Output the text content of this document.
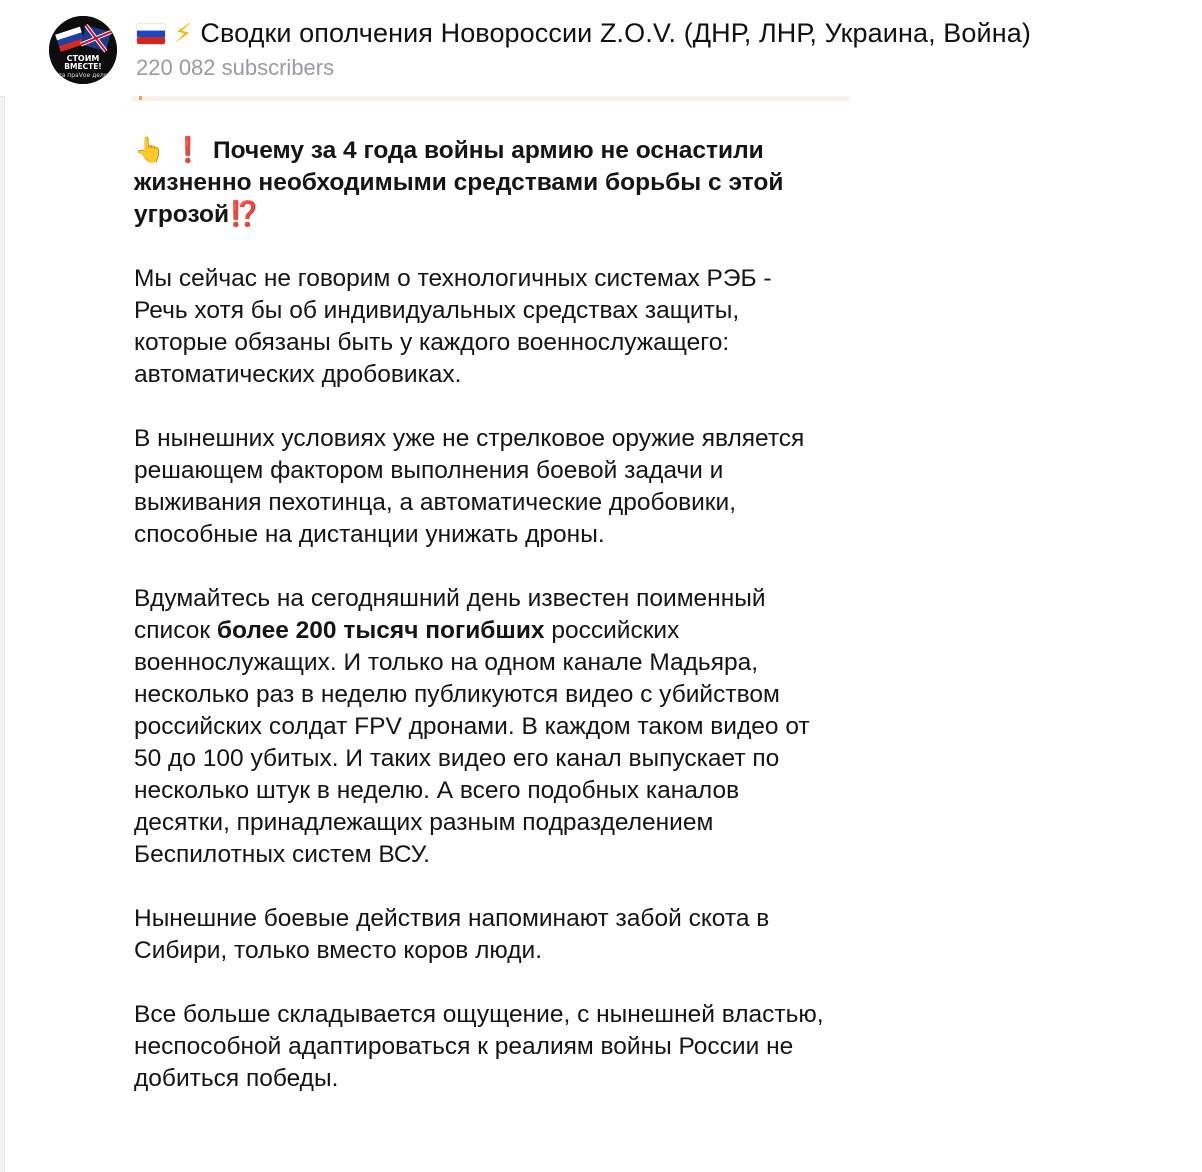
СТОИМ
ВМЕСТЕ!
za праVое дело
⚡ Сводки ополчения Новороссии Z.O.V. (ДНР, ЛНР, Украина, Война)
220 082 subscribers

👆 ❗ Почему за 4 года войны армию не оснастили жизненно необходимыми средствами борьбы с этой угрозой⁉️

Мы сейчас не говорим о технологичных системах РЭБ - Речь хотя бы об индивидуальных средствах защиты, которые обязаны быть у каждого военнослужащего: автоматических дробовиках.

В нынешних условиях уже не стрелковое оружие является решающем фактором выполнения боевой задачи и выживания пехотинца, а автоматические дробовики, способные на дистанции унижать дроны.

Вдумайтесь на сегодняшний день известен поименный список более 200 тысяч погибших российских военнослужащих. И только на одном канале Мадьяра, несколько раз в неделю публикуются видео с убийством российских солдат FPV дронами. В каждом таком видео от 50 до 100 убитых. И таких видео его канал выпускает по несколько штук в неделю. А всего подобных каналов десятки, принадлежащих разным подразделением Беспилотных систем ВСУ.

Нынешние боевые действия напоминают забой скота в Сибири, только вместо коров люди.

Все больше складывается ощущение, с нынешней властью, неспособной адаптироваться к реалиям войны России не добиться победы.
